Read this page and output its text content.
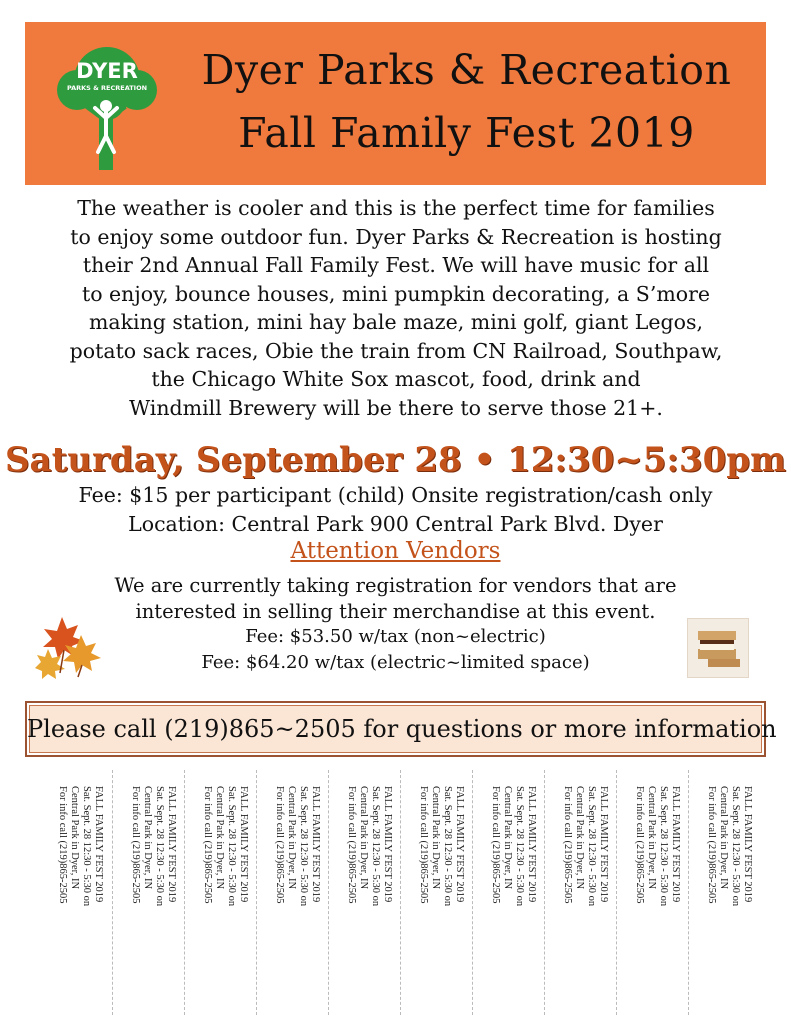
DYER
PARKS & RECREATION	Dyer Parks & Recreation
Fall Family Fest 2019
The weather is cooler and this is the perfect time for families
to enjoy some outdoor fun. Dyer Parks & Recreation is hosting
their 2nd Annual Fall Family Fest. We will have music for all
to enjoy, bounce houses, mini pumpkin decorating, a S’more
making station, mini hay bale maze, mini golf, giant Legos,
potato sack races, Obie the train from CN Railroad, Southpaw,
the Chicago White Sox mascot, food, drink and
Windmill Brewery will be there to serve those 21+.
Saturday, September 28 • 12:30~5:30pm
Fee: $15 per participant (child) Onsite registration/cash only
Location: Central Park 900 Central Park Blvd. Dyer
Attention Vendors
We are currently taking registration for vendors that are
interested in selling their merchandise at this event.
Fee: $53.50 w/tax (non~electric)
Fee: $64.20 w/tax (electric~limited space)
Please call (219)865~2505 for questions or more information
FALL FAMILY FEST 2019
Sat. Sept. 28 12:30 - 5:30 on
Central Park in Dyer, IN
For info call (219)865-2505	FALL FAMILY FEST 2019
Sat. Sept. 28 12:30 - 5:30 on
Central Park in Dyer, IN
For info call (219)865-2505	FALL FAMILY FEST 2019
Sat. Sept. 28 12:30 - 5:30 on
Central Park in Dyer, IN
For info call (219)865-2505	FALL FAMILY FEST 2019
Sat. Sept. 28 12:30 - 5:30 on
Central Park in Dyer, IN
For info call (219)865-2505	FALL FAMILY FEST 2019
Sat. Sept. 28 12:30 - 5:30 on
Central Park in Dyer, IN
For info call (219)865-2505	FALL FAMILY FEST 2019
Sat. Sept. 28 12:30 - 5:30 on
Central Park in Dyer, IN
For info call (219)865-2505	FALL FAMILY FEST 2019
Sat. Sept. 28 12:30 - 5:30 on
Central Park in Dyer, IN
For info call (219)865-2505	FALL FAMILY FEST 2019
Sat. Sept. 28 12:30 - 5:30 on
Central Park in Dyer, IN
For info call (219)865-2505	FALL FAMILY FEST 2019
Sat. Sept. 28 12:30 - 5:30 on
Central Park in Dyer, IN
For info call (219)865-2505	FALL FAMILY FEST 2019
Sat. Sept. 28 12:30 - 5:30 on
Central Park in Dyer, IN
For info call (219)865-2505
